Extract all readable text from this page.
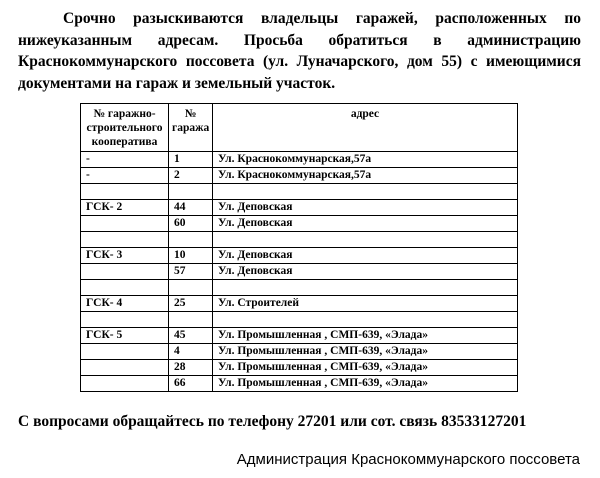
Срочно разыскиваются владельцы гаражей, расположенных по нижеуказанным адресам. Просьба обратиться в администрацию Краснокоммунарского поссовета (ул. Луначарского, дом 55) с имеющимися документами на гараж и земельный участок.

№ гаражно-строительного кооператива	№ гаража	адрес
-	1	Ул. Краснокоммунарская,57а
-	2	Ул. Краснокоммунарская,57а

ГСК- 2	44	Ул. Деповская
	60	Ул. Деповская

ГСК- 3	10	Ул. Деповская
	57	Ул. Деповская

ГСК- 4	25	Ул. Строителей

ГСК- 5	45	Ул. Промышленная , СМП-639, «Элада»
	4	Ул. Промышленная , СМП-639, «Элада»
	28	Ул. Промышленная , СМП-639, «Элада»
	66	Ул. Промышленная , СМП-639, «Элада»

С вопросами обращайтесь по телефону 27201 или сот. связь 83533127201

Администрация Краснокоммунарского поссовета
